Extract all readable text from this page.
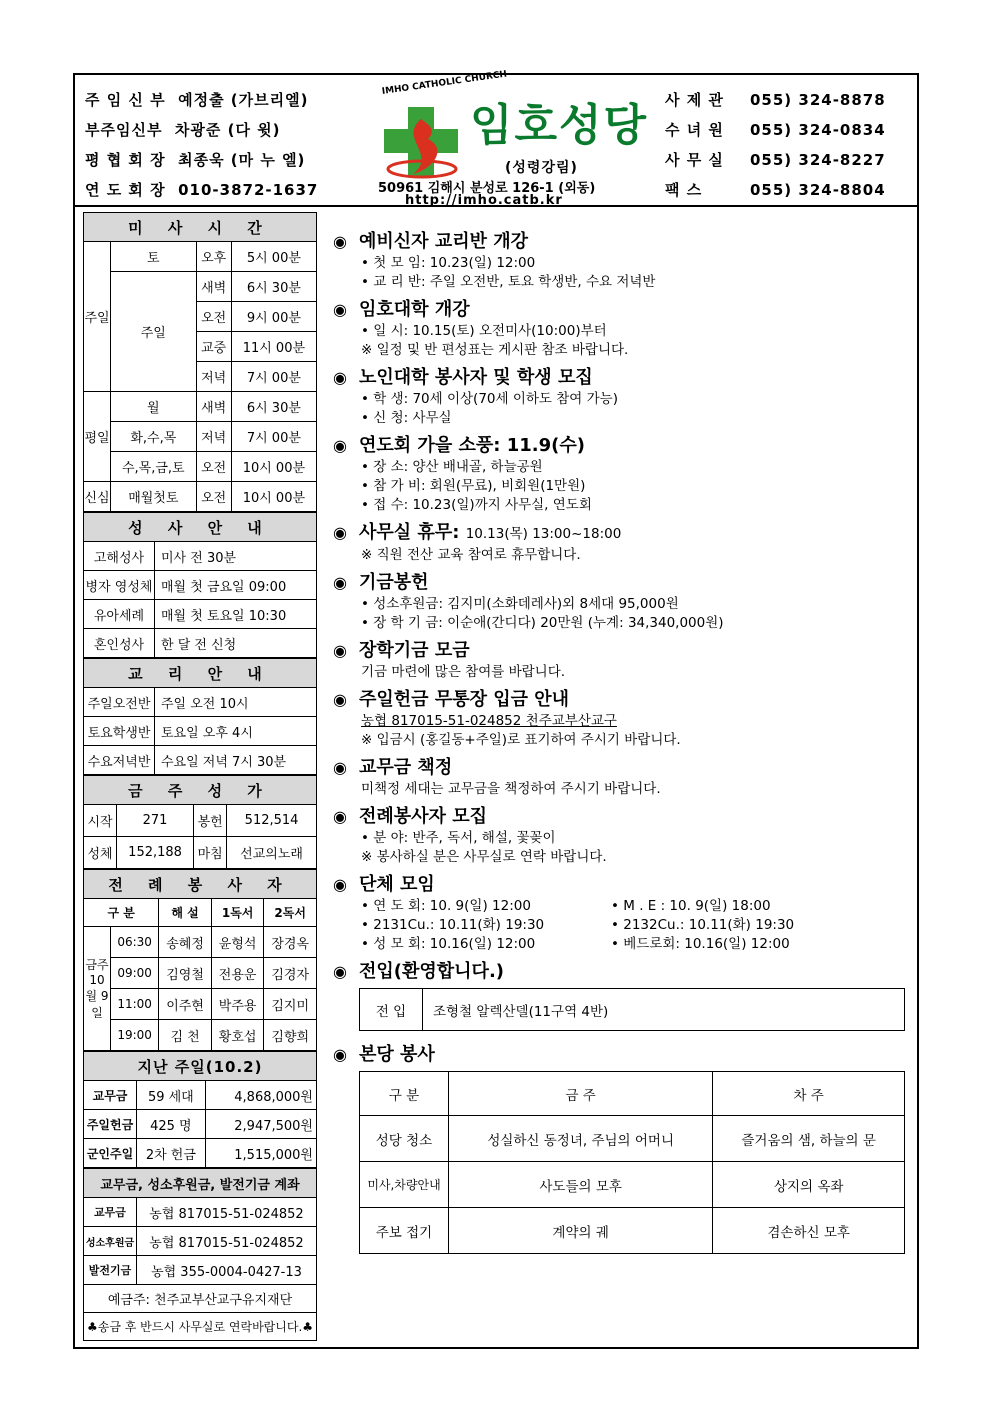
주 임 신 부 예정출 (가브리엘)
부주임신부 차광준 (다 윗)
평 협 회 장 최종욱 (마 누 엘)
연 도 회 장 010-3872-1637
IMHO CATHOLIC CHURCH
임호성당
(성령강림)
50961 김해시 분성로 126-1 (외동)
http://imho.catb.kr
사 제 관 055) 324-8878
수 녀 원 055) 324-0834
사 무 실 055) 324-8227
팩 스	055) 324-8804
미 사 시 간			
주일	토	오후	5시 00분
	주일	새벽	6시 30분
		오전	9시 00분
		교중	11시 00분
		저녁	7시 00분
평일	월	새벽	6시 30분
	화,수,목	저녁	7시 00분
	수,목,금,토	오전	10시 00분
신심	매월첫토	오전	10시 00분
성 사 안 내	
고해성사	미사 전 30분
병자 영성체	매월 첫 금요일 09:00
유아세례	매월 첫 토요일 10:30
혼인성사	한 달 전 신청
교 리 안 내	
주일오전반	주일 오전 10시
토요학생반	토요일 오후 4시
수요저녁반	수요일 저녁 7시 30분
금 주 성 가			
시작	271	봉헌	512,514
성체	152,188	마침	선교의노래
전 례 봉 사 자				
구 분		해 설	1독서	2독서
금주 10월 9일	06:30	송혜정	윤형석	장경옥
	09:00	김영철	전용운	김경자
	11:00	이주현	박주용	김지미
	19:00	김 천	황호섭	김향희
지난 주일(10.2)		
교무금	59 세대	4,868,000원
주일헌금	425 명	2,947,500원
군인주일	2차 헌금	1,515,000원
교무금, 성소후원금, 발전기금 계좌	
교무금	농협 817015-51-024852
성소후원금	농협 817015-51-024852
발전기금	농협 355-0004-0427-13
예금주: 천주교부산교구유지재단	
♣송금 후 반드시 사무실로 연락바랍니다.♣	
◉ 예비신자 교리반 개강
• 첫 모 임: 10.23(일) 12:00
• 교 리 반: 주일 오전반, 토요 학생반, 수요 저녁반
◉ 임호대학 개강
• 일 시: 10.15(토) 오전미사(10:00)부터
※ 일정 및 반 편성표는 게시판 참조 바랍니다.
◉ 노인대학 봉사자 및 학생 모집
• 학 생: 70세 이상(70세 이하도 참여 가능)
• 신 청: 사무실
◉ 연도회 가을 소풍: 11.9(수)
• 장 소: 양산 배내골, 하늘공원
• 참 가 비: 회원(무료), 비회원(1만원)
• 접 수: 10.23(일)까지 사무실, 연도회
◉ 사무실 휴무: 10.13(목) 13:00~18:00
※ 직원 전산 교육 참여로 휴무합니다.
◉ 기금봉헌
• 성소후원금: 김지미(소화데레사)외 8세대 95,000원
• 장 학 기 금: 이순애(간디다) 20만원 (누계: 34,340,000원)
◉ 장학기금 모금
기금 마련에 많은 참여를 바랍니다.
◉ 주일헌금 무통장 입금 안내
농협 817015-51-024852 천주교부산교구
※ 입금시 (홍길동+주일)로 표기하여 주시기 바랍니다.
◉ 교무금 책정
미책정 세대는 교무금을 책정하여 주시기 바랍니다.
◉ 전례봉사자 모집
• 분 야: 반주, 독서, 해설, 꽃꽂이
※ 봉사하실 분은 사무실로 연락 바랍니다.
◉ 단체 모임
• 연 도 회: 10. 9(일) 12:00	• M . E : 10. 9(일) 18:00
• 2131Cu.: 10.11(화) 19:30	• 2132Cu.: 10.11(화) 19:30
• 성 모 회: 10.16(일) 12:00	• 베드로회: 10.16(일) 12:00
◉ 전입(환영합니다.)
전 입	조형철 알렉산델(11구역 4반)
◉ 본당 봉사
구 분	금 주	차 주
성당 청소	성실하신 동정녀, 주님의 어머니	즐거움의 샘, 하늘의 문
미사,차량안내	사도들의 모후	상지의 옥좌
주보 접기	계약의 궤	겸손하신 모후
